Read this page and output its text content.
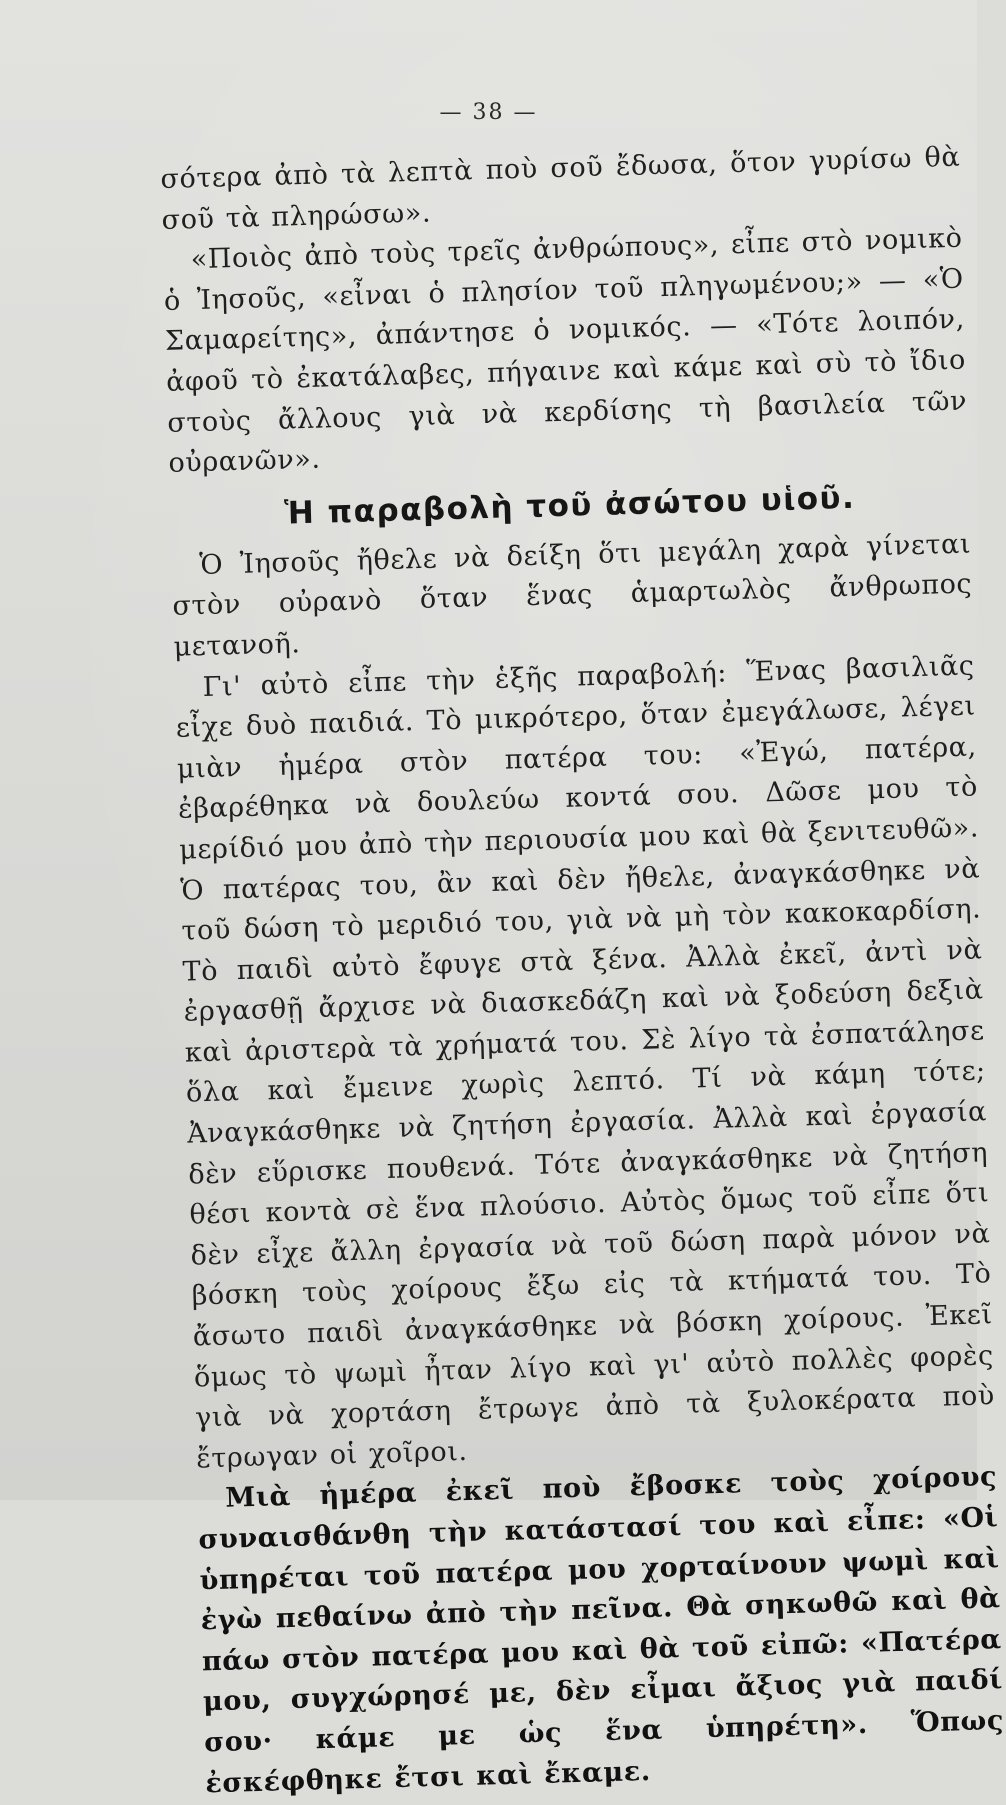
— 38 —

σότερα ἀπὸ τὰ λεπτὰ ποὺ σοῦ ἔδωσα, ὅτον γυρίσω θὰ σοῦ τὰ πληρώσω».

«Ποιὸς ἀπὸ τοὺς τρεῖς ἀνθρώπους», εἶπε στὸ νομικὸ ὁ Ἰησοῦς, «εἶναι ὁ πλησίον τοῦ πληγωμένου;» — «Ὁ Σαμαρείτης», ἀπάντησε ὁ νομικός. — «Τότε λοιπόν, ἀφοῦ τὸ ἐκατάλαβες, πήγαινε καὶ κάμε καὶ σὺ τὸ ἴδιο στοὺς ἄλλους γιὰ νὰ κερδίσης τὴ βασιλεία τῶν οὐρανῶν».

Ἡ παραβολὴ τοῦ ἀσώτου υἱοῦ.

Ὁ Ἰησοῦς ἤθελε νὰ δείξη ὅτι μεγάλη χαρὰ γίνεται στὸν οὐρανὸ ὅταν ἕνας ἁμαρτωλὸς ἄνθρωπος μετανοῆ.

Γι' αὐτὸ εἶπε τὴν ἑξῆς παραβολή: Ἕνας βασιλιᾶς εἶχε δυὸ παιδιά. Τὸ μικρότερο, ὅταν ἐμεγάλωσε, λέγει μιὰν ἡμέρα στὸν πατέρα του: «Ἐγώ, πατέρα, ἐβαρέθηκα νὰ δουλεύω κοντά σου. Δῶσε μου τὸ μερίδιό μου ἀπὸ τὴν περιουσία μου καὶ θὰ ξενιτευθῶ». Ὁ πατέρας του, ἂν καὶ δὲν ἤθελε, ἀναγκάσθηκε νὰ τοῦ δώση τὸ μεριδιό του, γιὰ νὰ μὴ τὸν κακοκαρδίση. Τὸ παιδὶ αὐτὸ ἔφυγε στὰ ξένα. Ἀλλὰ ἐκεῖ, ἀντὶ νὰ ἐργασθῇ ἄρχισε νὰ διασκεδάζη καὶ νὰ ξοδεύση δεξιὰ καὶ ἀριστερὰ τὰ χρήματά του. Σὲ λίγο τὰ ἐσπατάλησε ὅλα καὶ ἔμεινε χωρὶς λεπτό. Τί νὰ κάμη τότε; Ἀναγκάσθηκε νὰ ζητήση ἐργασία. Ἀλλὰ καὶ ἐργασία δὲν εὕρισκε πουθενά. Τότε ἀναγκάσθηκε νὰ ζητήση θέσι κοντὰ σὲ ἕνα πλούσιο. Αὐτὸς ὅμως τοῦ εἶπε ὅτι δὲν εἶχε ἄλλη ἐργασία νὰ τοῦ δώση παρὰ μόνον νὰ βόσκη τοὺς χοίρους ἔξω εἰς τὰ κτήματά του. Τὸ ἄσωτο παιδὶ ἀναγκάσθηκε νὰ βόσκη χοίρους. Ἐκεῖ ὅμως τὸ ψωμὶ ἦταν λίγο καὶ γι' αὐτὸ πολλὲς φορὲς γιὰ νὰ χορτάση ἔτρωγε ἀπὸ τὰ ξυλοκέρατα ποὺ ἔτρωγαν οἱ χοῖροι.

Μιὰ ἡμέρα ἐκεῖ ποὺ ἔβοσκε τοὺς χοίρους συναισθάνθη τὴν κατάστασί του καὶ εἶπε: «Οἱ ὑπηρέται τοῦ πατέρα μου χορταίνουν ψωμὶ καὶ ἐγὼ πεθαίνω ἀπὸ τὴν πεῖνα. Θὰ σηκωθῶ καὶ θὰ πάω στὸν πατέρα μου καὶ θὰ τοῦ εἰπῶ: «Πατέρα μου, συγχώρησέ με, δὲν εἶμαι ἄξιος γιὰ παιδί σου· κάμε με ὡς ἕνα ὑπηρέτη». Ὅπως ἐσκέφθηκε ἔτσι καὶ ἔκαμε.
